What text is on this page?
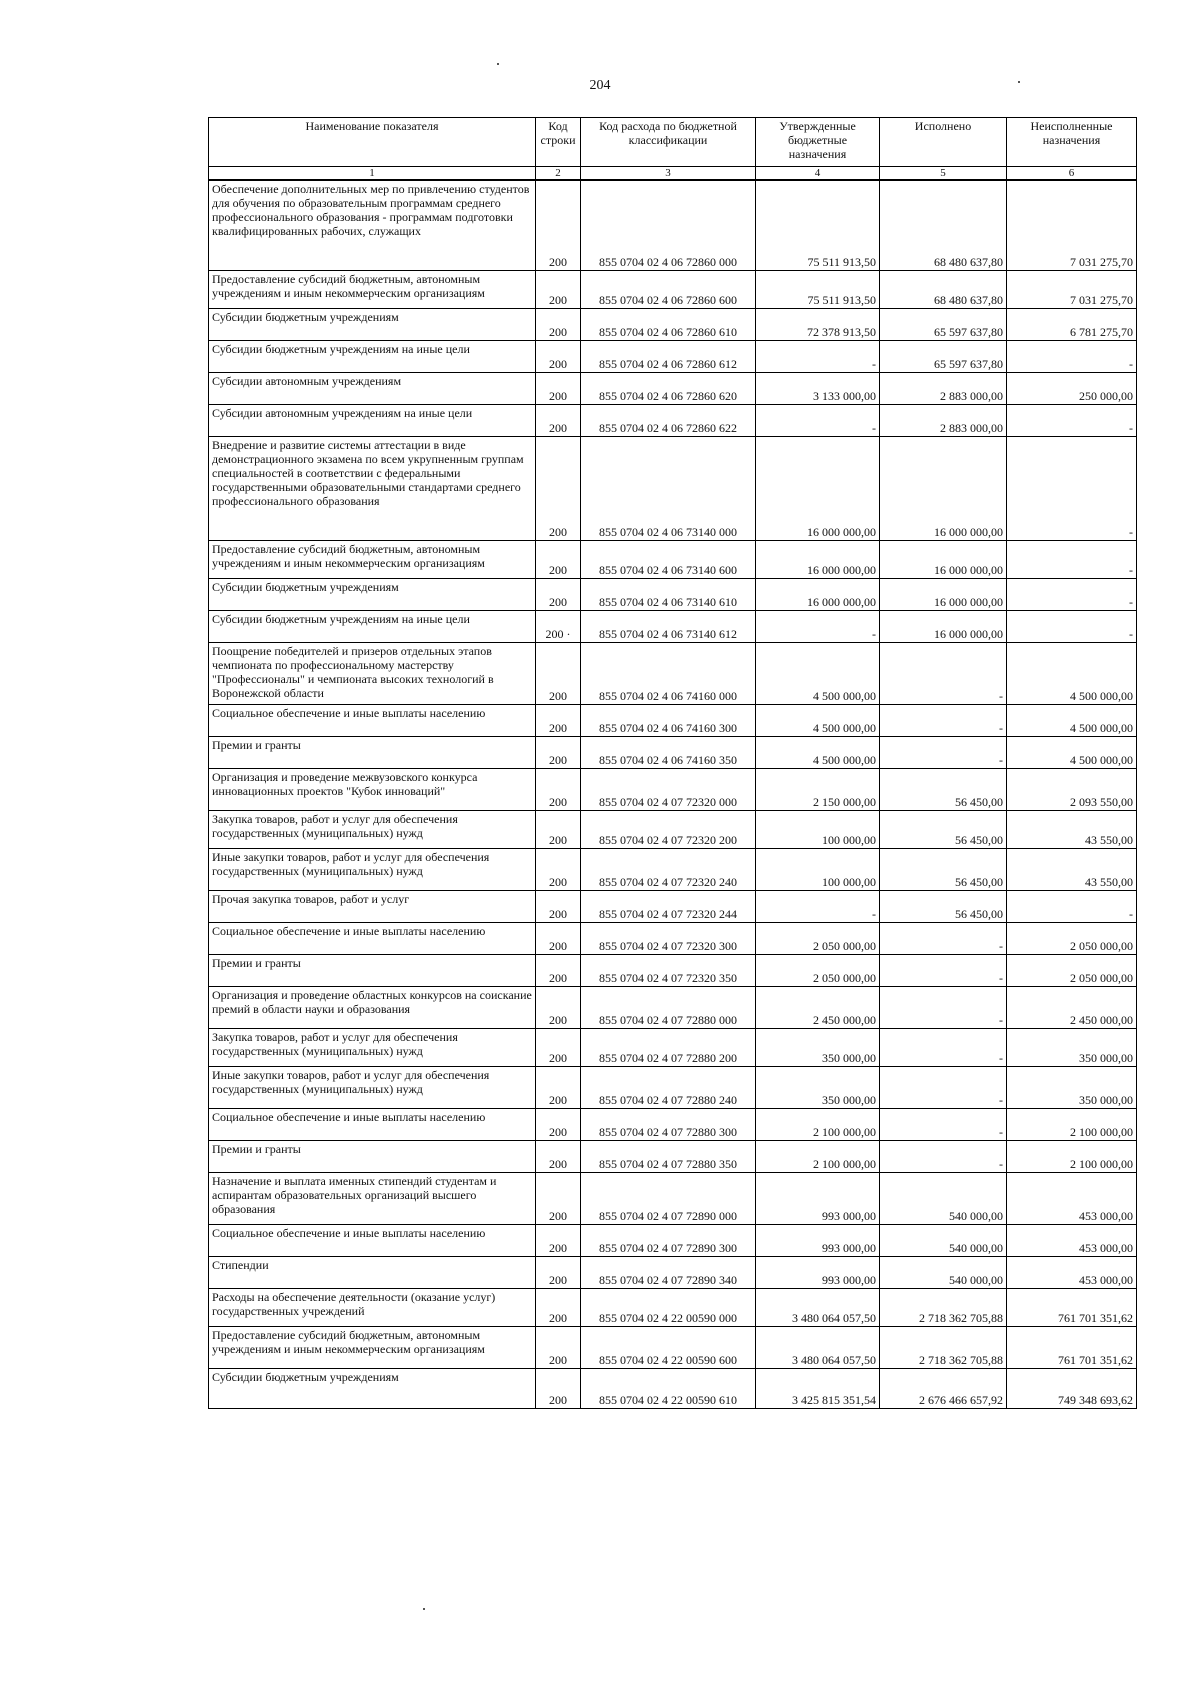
204
Наименование показателя	Код строки	Код расхода по бюджетной классификации	Утвержденные бюджетные назначения	Исполнено	Неисполненные назначения
1	2	3	4	5	6
Обеспечение дополнительных мер по привлечению студентов для обучения по образовательным программам среднего профессионального образования - программам подготовки квалифицированных рабочих, служащих	200	855 0704 02 4 06 72860 000	75 511 913,50	68 480 637,80	7 031 275,70
Предоставление субсидий бюджетным, автономным учреждениям и иным некоммерческим организациям	200	855 0704 02 4 06 72860 600	75 511 913,50	68 480 637,80	7 031 275,70
Субсидии бюджетным учреждениям	200	855 0704 02 4 06 72860 610	72 378 913,50	65 597 637,80	6 781 275,70
Субсидии бюджетным учреждениям на иные цели	200	855 0704 02 4 06 72860 612	-	65 597 637,80	-
Субсидии автономным учреждениям	200	855 0704 02 4 06 72860 620	3 133 000,00	2 883 000,00	250 000,00
Субсидии автономным учреждениям на иные цели	200	855 0704 02 4 06 72860 622	-	2 883 000,00	-
Внедрение и развитие системы аттестации в виде демонстрационного экзамена по всем укрупненным группам специальностей в соответствии с федеральными государственными образовательными стандартами среднего профессионального образования	200	855 0704 02 4 06 73140 000	16 000 000,00	16 000 000,00	-
Предоставление субсидий бюджетным, автономным учреждениям и иным некоммерческим организациям	200	855 0704 02 4 06 73140 600	16 000 000,00	16 000 000,00	-
Субсидии бюджетным учреждениям	200	855 0704 02 4 06 73140 610	16 000 000,00	16 000 000,00	-
Субсидии бюджетным учреждениям на иные цели	200 ·	855 0704 02 4 06 73140 612	-	16 000 000,00	-
Поощрение победителей и призеров отдельных этапов чемпионата по профессиональному мастерству "Профессионалы" и чемпионата высоких технологий в Воронежской области	200	855 0704 02 4 06 74160 000	4 500 000,00	-	4 500 000,00
Социальное обеспечение и иные выплаты населению	200	855 0704 02 4 06 74160 300	4 500 000,00	-	4 500 000,00
Премии и гранты	200	855 0704 02 4 06 74160 350	4 500 000,00	-	4 500 000,00
Организация и проведение межвузовского конкурса инновационных проектов "Кубок инноваций"	200	855 0704 02 4 07 72320 000	2 150 000,00	56 450,00	2 093 550,00
Закупка товаров, работ и услуг для обеспечения государственных (муниципальных) нужд	200	855 0704 02 4 07 72320 200	100 000,00	56 450,00	43 550,00
Иные закупки товаров, работ и услуг для обеспечения государственных (муниципальных) нужд	200	855 0704 02 4 07 72320 240	100 000,00	56 450,00	43 550,00
Прочая закупка товаров, работ и услуг	200	855 0704 02 4 07 72320 244	-	56 450,00	-
Социальное обеспечение и иные выплаты населению	200	855 0704 02 4 07 72320 300	2 050 000,00	-	2 050 000,00
Премии и гранты	200	855 0704 02 4 07 72320 350	2 050 000,00	-	2 050 000,00
Организация и проведение областных конкурсов на соискание премий в области науки и образования	200	855 0704 02 4 07 72880 000	2 450 000,00	-	2 450 000,00
Закупка товаров, работ и услуг для обеспечения государственных (муниципальных) нужд	200	855 0704 02 4 07 72880 200	350 000,00	-	350 000,00
Иные закупки товаров, работ и услуг для обеспечения государственных (муниципальных) нужд	200	855 0704 02 4 07 72880 240	350 000,00	-	350 000,00
Социальное обеспечение и иные выплаты населению	200	855 0704 02 4 07 72880 300	2 100 000,00	-	2 100 000,00
Премии и гранты	200	855 0704 02 4 07 72880 350	2 100 000,00	-	2 100 000,00
Назначение и выплата именных стипендий студентам и аспирантам образовательных организаций высшего образования	200	855 0704 02 4 07 72890 000	993 000,00	540 000,00	453 000,00
Социальное обеспечение и иные выплаты населению	200	855 0704 02 4 07 72890 300	993 000,00	540 000,00	453 000,00
Стипендии	200	855 0704 02 4 07 72890 340	993 000,00	540 000,00	453 000,00
Расходы на обеспечение деятельности (оказание услуг) государственных учреждений	200	855 0704 02 4 22 00590 000	3 480 064 057,50	2 718 362 705,88	761 701 351,62
Предоставление субсидий бюджетным, автономным учреждениям и иным некоммерческим организациям	200	855 0704 02 4 22 00590 600	3 480 064 057,50	2 718 362 705,88	761 701 351,62
Субсидии бюджетным учреждениям	200	855 0704 02 4 22 00590 610	3 425 815 351,54	2 676 466 657,92	749 348 693,62
